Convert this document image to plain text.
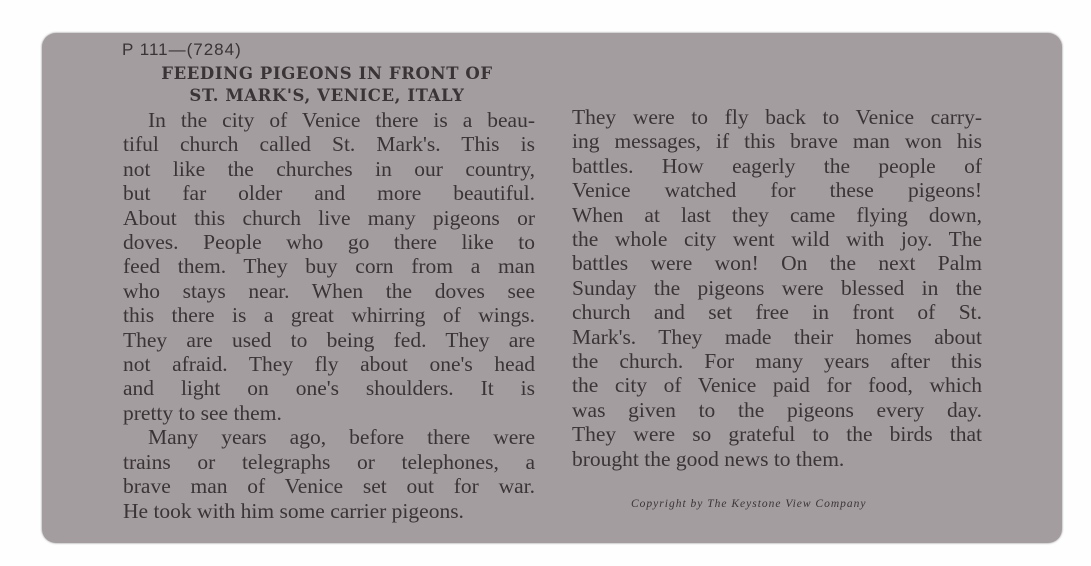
P 111—(7284)
FEEDING PIGEONS IN FRONT OF
ST. MARK'S, VENICE, ITALY
In the city of Venice there is a beau-
tiful church called St. Mark's. This is
not like the churches in our country,
but far older and more beautiful.
About this church live many pigeons or
doves. People who go there like to
feed them. They buy corn from a man
who stays near. When the doves see
this there is a great whirring of wings.
They are used to being fed. They are
not afraid. They fly about one's head
and light on one's shoulders. It is
pretty to see them.
Many years ago, before there were
trains or telegraphs or telephones, a
brave man of Venice set out for war.
He took with him some carrier pigeons.
They were to fly back to Venice carry-
ing messages, if this brave man won his
battles. How eagerly the people of
Venice watched for these pigeons!
When at last they came flying down,
the whole city went wild with joy. The
battles were won! On the next Palm
Sunday the pigeons were blessed in the
church and set free in front of St.
Mark's. They made their homes about
the church. For many years after this
the city of Venice paid for food, which
was given to the pigeons every day.
They were so grateful to the birds that
brought the good news to them.
Copyright by The Keystone View Company
